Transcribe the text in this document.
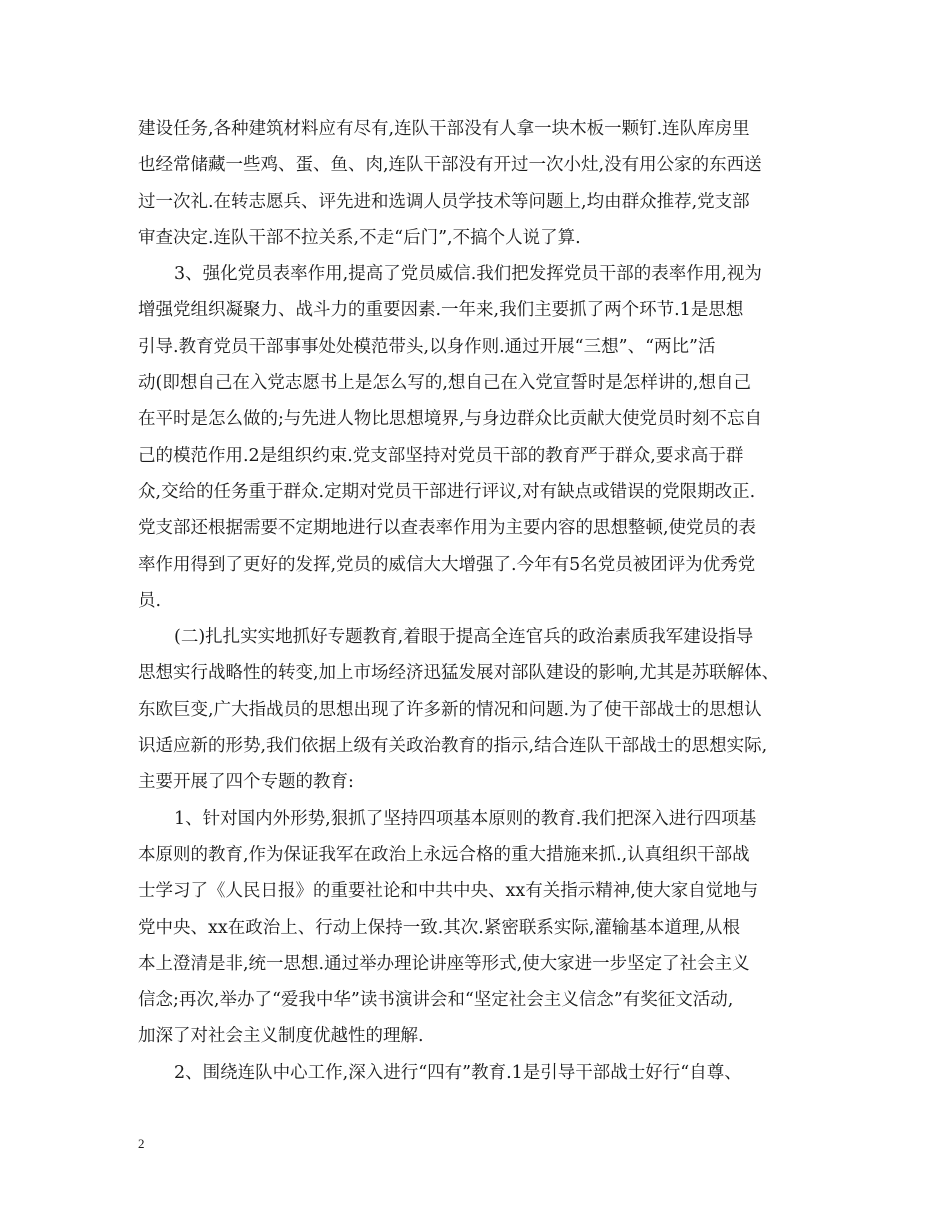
建设任务,各种建筑材料应有尽有,连队干部没有人拿一块木板一颗钉.连队库房里
也经常储藏一些鸡、蛋、鱼、肉,连队干部没有开过一次小灶,没有用公家的东西送
过一次礼.在转志愿兵、评先进和选调人员学技术等问题上,均由群众推荐,党支部
审查决定.连队干部不拉关系,不走“后门”,不搞个人说了算.
3、强化党员表率作用,提高了党员威信.我们把发挥党员干部的表率作用,视为
增强党组织凝聚力、战斗力的重要因素.一年来,我们主要抓了两个环节.1是思想
引导.教育党员干部事事处处模范带头,以身作则.通过开展“三想”、“两比”活
动(即想自己在入党志愿书上是怎么写的,想自己在入党宣誓时是怎样讲的,想自己
在平时是怎么做的;与先进人物比思想境界,与身边群众比贡献大使党员时刻不忘自
己的模范作用.2是组织约束.党支部坚持对党员干部的教育严于群众,要求高于群
众,交给的任务重于群众.定期对党员干部进行评议,对有缺点或错误的党限期改正.
党支部还根据需要不定期地进行以查表率作用为主要内容的思想整顿,使党员的表
率作用得到了更好的发挥,党员的威信大大增强了.今年有5名党员被团评为优秀党
员.
(二)扎扎实实地抓好专题教育,着眼于提高全连官兵的政治素质我军建设指导
思想实行战略性的转变,加上市场经济迅猛发展对部队建设的影响,尤其是苏联解体、
东欧巨变,广大指战员的思想出现了许多新的情况和问题.为了使干部战士的思想认
识适应新的形势,我们依据上级有关政治教育的指示,结合连队干部战士的思想实际,
主要开展了四个专题的教育:
1、针对国内外形势,狠抓了坚持四项基本原则的教育.我们把深入进行四项基
本原则的教育,作为保证我军在政治上永远合格的重大措施来抓.,认真组织干部战
士学习了《人民日报》的重要社论和中共中央、xx有关指示精神,使大家自觉地与
党中央、xx在政治上、行动上保持一致.其次.紧密联系实际,灌输基本道理,从根
本上澄清是非,统一思想.通过举办理论讲座等形式,使大家进一步坚定了社会主义
信念;再次,举办了“爱我中华”读书演讲会和“坚定社会主义信念”有奖征文活动,
加深了对社会主义制度优越性的理解.
2、围绕连队中心工作,深入进行“四有”教育.1是引导干部战士好行“自尊、
2
